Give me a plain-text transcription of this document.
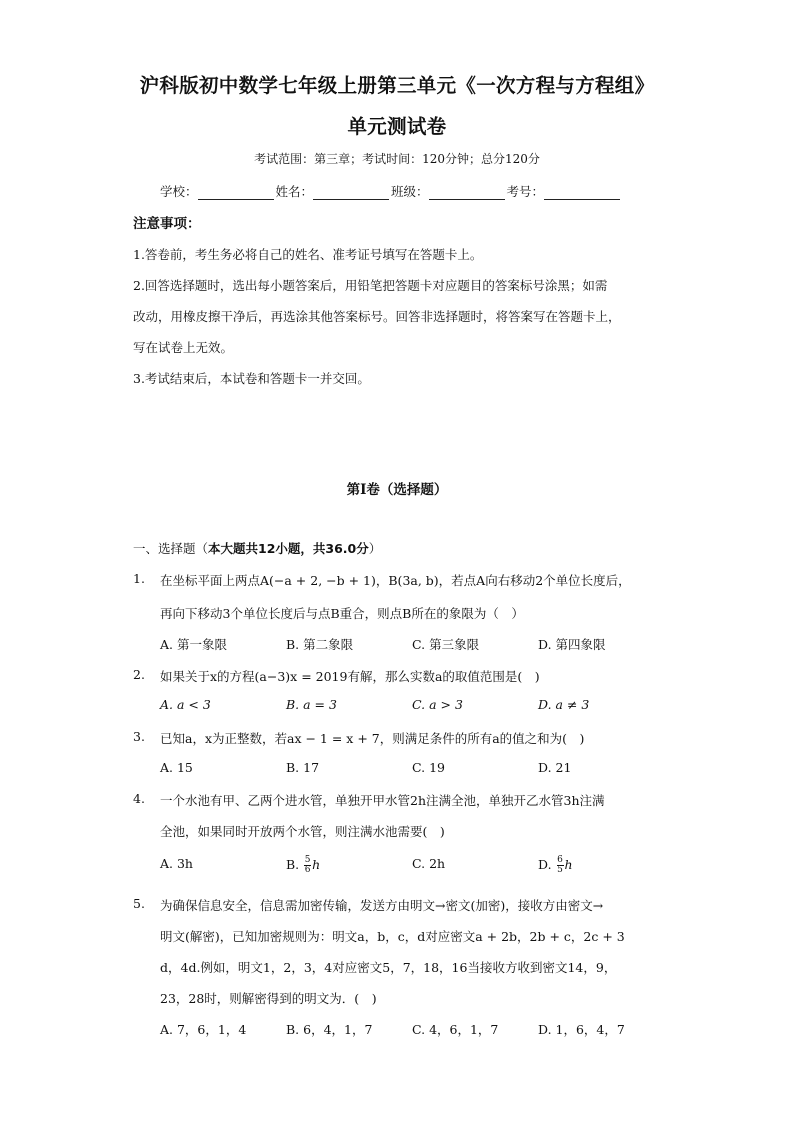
沪科版初中数学七年级上册第三单元《一次方程与方程组》
单元测试卷
考试范围：第三章；考试时间：120分钟；总分120分
学校：	姓名：	班级：	考号：
注意事项：
1.答卷前，考生务必将自己的姓名、准考证号填写在答题卡上。
2.回答选择题时，选出每小题答案后，用铅笔把答题卡对应题目的答案标号涂黑；如需
改动，用橡皮擦干净后，再选涂其他答案标号。回答非选择题时，将答案写在答题卡上，
写在试卷上无效。
3.考试结束后，本试卷和答题卡一并交回。
第I卷（选择题）
一、选择题（本大题共12小题，共36.0分）
1. 在坐标平面上两点A(−a + 2, −b + 1)，B(3a, b)，若点A向右移动2个单位长度后，
再向下移动3个单位长度后与点B重合，则点B所在的象限为（　）
A. 第一象限	B. 第二象限	C. 第三象限	D. 第四象限
2. 如果关于x的方程(a−3)x = 2019有解，那么实数a的取值范围是(　)
A. a < 3	B. a = 3	C. a > 3	D. a ≠ 3
3. 已知a，x为正整数，若ax − 1 = x + 7，则满足条件的所有a的值之和为(　)
A. 15	B. 17	C. 19	D. 21
4. 一个水池有甲、乙两个进水管，单独开甲水管2h注满全池，单独开乙水管3h注满
全池，如果同时开放两个水管，则注满水池需要(　)
A. 3h	B. $\frac{5}{6}$ h	C. 2h	D. $\frac{6}{5}$ h
5. 为确保信息安全，信息需加密传输，发送方由明文→密文(加密)，接收方由密文→
明文(解密)，已知加密规则为：明文a，b，c，d对应密文a + 2b，2b + c，2c + 3
d，4d.例如，明文1，2，3，4对应密文5，7，18，16当接收方收到密文14，9，
23，28时，则解密得到的明文为．(　)
A. 7，6，1，4	B. 6，4，1，7	C. 4，6，1，7	D. 1，6，4，7
